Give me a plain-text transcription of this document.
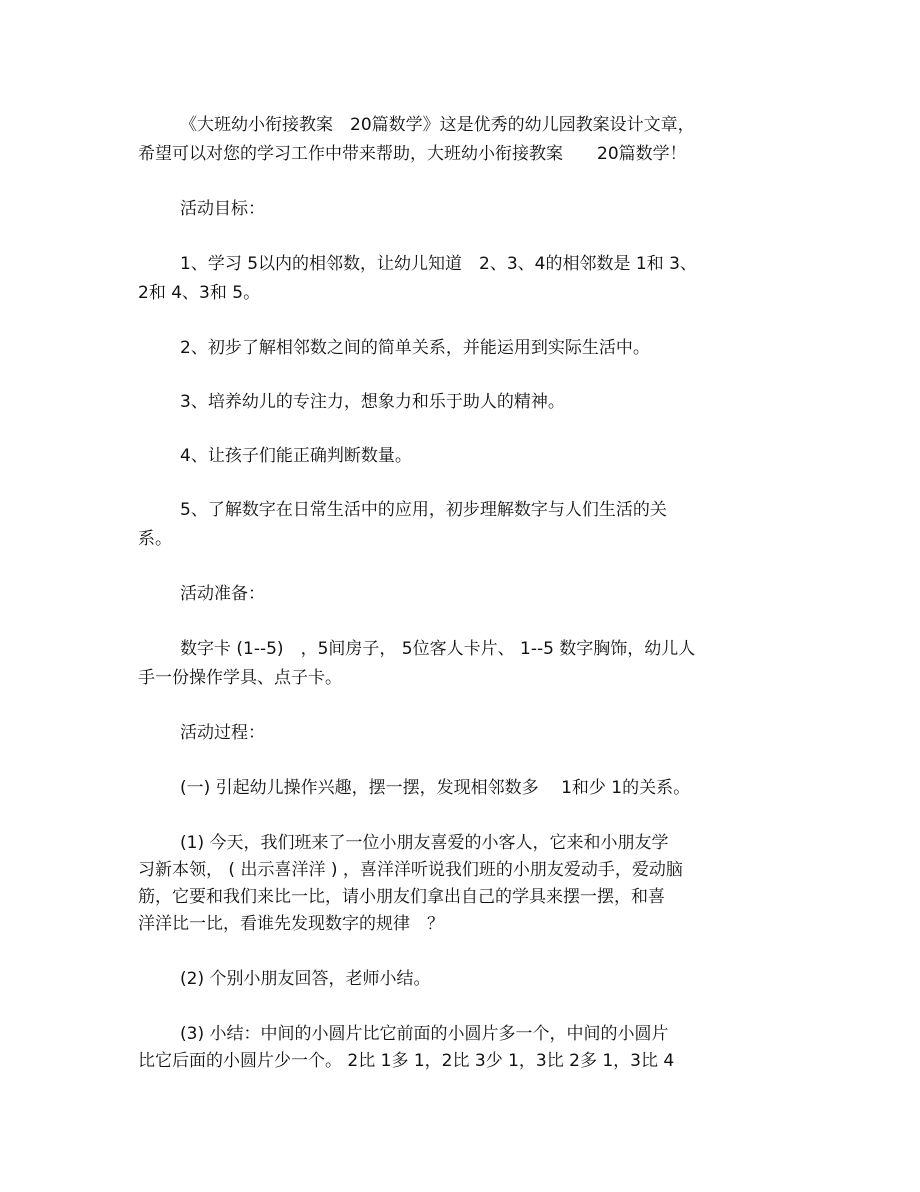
《大班幼小衔接教案　20篇数学》这是优秀的幼儿园教案设计文章，

希望可以对您的学习工作中带来帮助，大班幼小衔接教案　　20篇数学！

活动目标：

1、学习 5以内的相邻数，让幼儿知道　2、3、4的相邻数是 1和 3、

2和 4、3和 5。

2、初步了解相邻数之间的简单关系，并能运用到实际生活中。

3、培养幼儿的专注力，想象力和乐于助人的精神。

4、让孩子们能正确判断数量。

5、了解数字在日常生活中的应用，初步理解数字与人们生活的关

系。

活动准备：

数字卡 (1--5)　，5间房子， 5位客人卡片、 1--5 数字胸饰，幼儿人

手一份操作学具、点子卡。

活动过程：

(一) 引起幼儿操作兴趣，摆一摆，发现相邻数多　 1和少 1的关系。

(1) 今天，我们班来了一位小朋友喜爱的小客人，它来和小朋友学

习新本领， ( 出示喜洋洋 ) ，喜洋洋听说我们班的小朋友爱动手，爱动脑

筋，它要和我们来比一比，请小朋友们拿出自己的学具来摆一摆，和喜

洋洋比一比，看谁先发现数字的规律　？

(2) 个别小朋友回答，老师小结。

(3) 小结：中间的小圆片比它前面的小圆片多一个，中间的小圆片

比它后面的小圆片少一个。 2比 1多 1，2比 3少 1，3比 2多 1，3比 4
